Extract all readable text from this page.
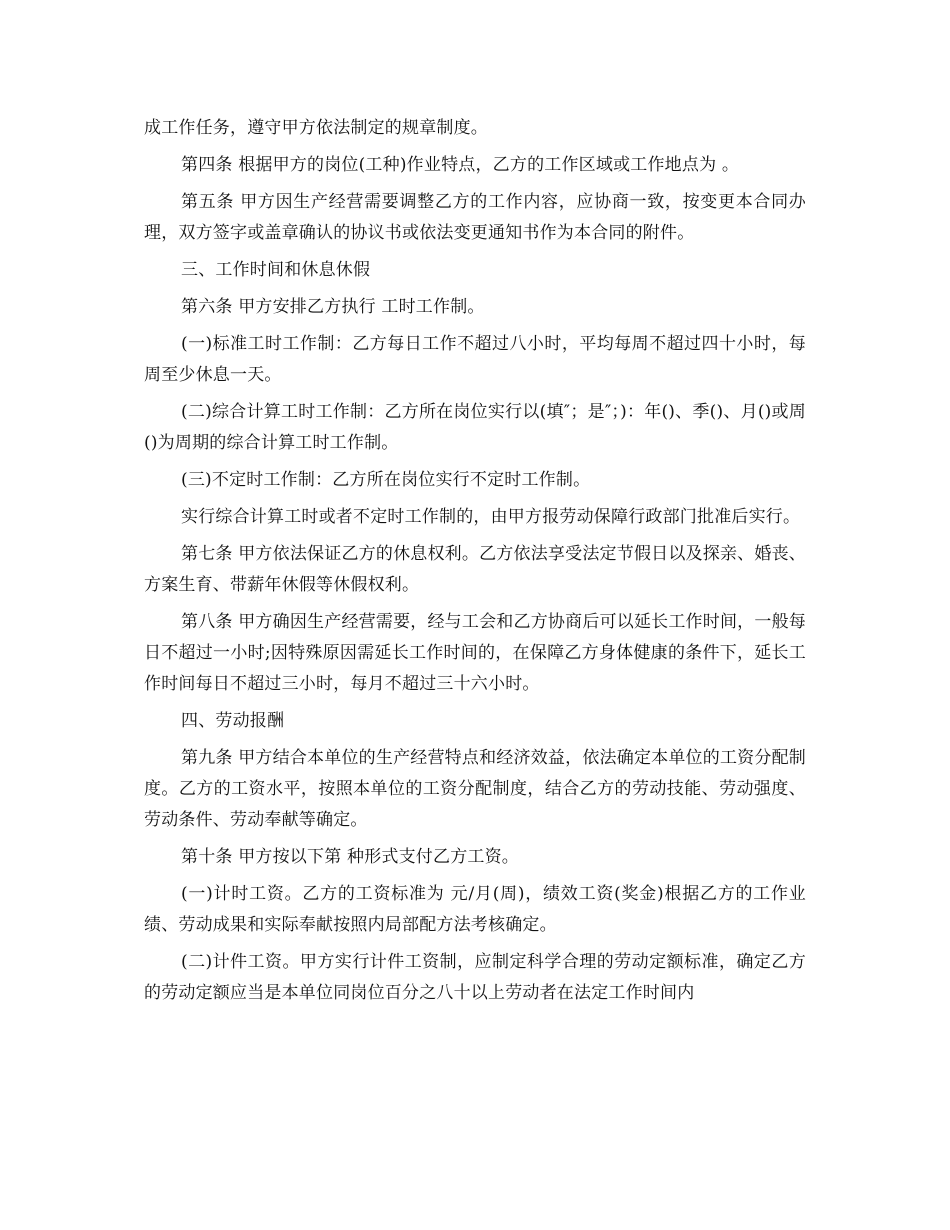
成工作任务，遵守甲方依法制定的规章制度。

第四条 根据甲方的岗位(工种)作业特点，乙方的工作区域或工作地点为 。

第五条 甲方因生产经营需要调整乙方的工作内容，应协商一致，按变更本合同办理，双方签字或盖章确认的协议书或依法变更通知书作为本合同的附件。

三、工作时间和休息休假

第六条 甲方安排乙方执行 工时工作制。

(一)标准工时工作制：乙方每日工作不超过八小时，平均每周不超过四十小时，每周至少休息一天。

(二)综合计算工时工作制：乙方所在岗位实行以(填″；是″；)：年()、季()、月()或周()为周期的综合计算工时工作制。

(三)不定时工作制：乙方所在岗位实行不定时工作制。

实行综合计算工时或者不定时工作制的，由甲方报劳动保障行政部门批准后实行。

第七条 甲方依法保证乙方的休息权利。乙方依法享受法定节假日以及探亲、婚丧、方案生育、带薪年休假等休假权利。

第八条 甲方确因生产经营需要，经与工会和乙方协商后可以延长工作时间，一般每日不超过一小时;因特殊原因需延长工作时间的，在保障乙方身体健康的条件下，延长工作时间每日不超过三小时，每月不超过三十六小时。

四、劳动报酬

第九条 甲方结合本单位的生产经营特点和经济效益，依法确定本单位的工资分配制度。乙方的工资水平，按照本单位的工资分配制度，结合乙方的劳动技能、劳动强度、劳动条件、劳动奉献等确定。

第十条 甲方按以下第 种形式支付乙方工资。

(一)计时工资。乙方的工资标准为 元/月(周)，绩效工资(奖金)根据乙方的工作业绩、劳动成果和实际奉献按照内局部配方法考核确定。

(二)计件工资。甲方实行计件工资制，应制定科学合理的劳动定额标准，确定乙方的劳动定额应当是本单位同岗位百分之八十以上劳动者在法定工作时间内
